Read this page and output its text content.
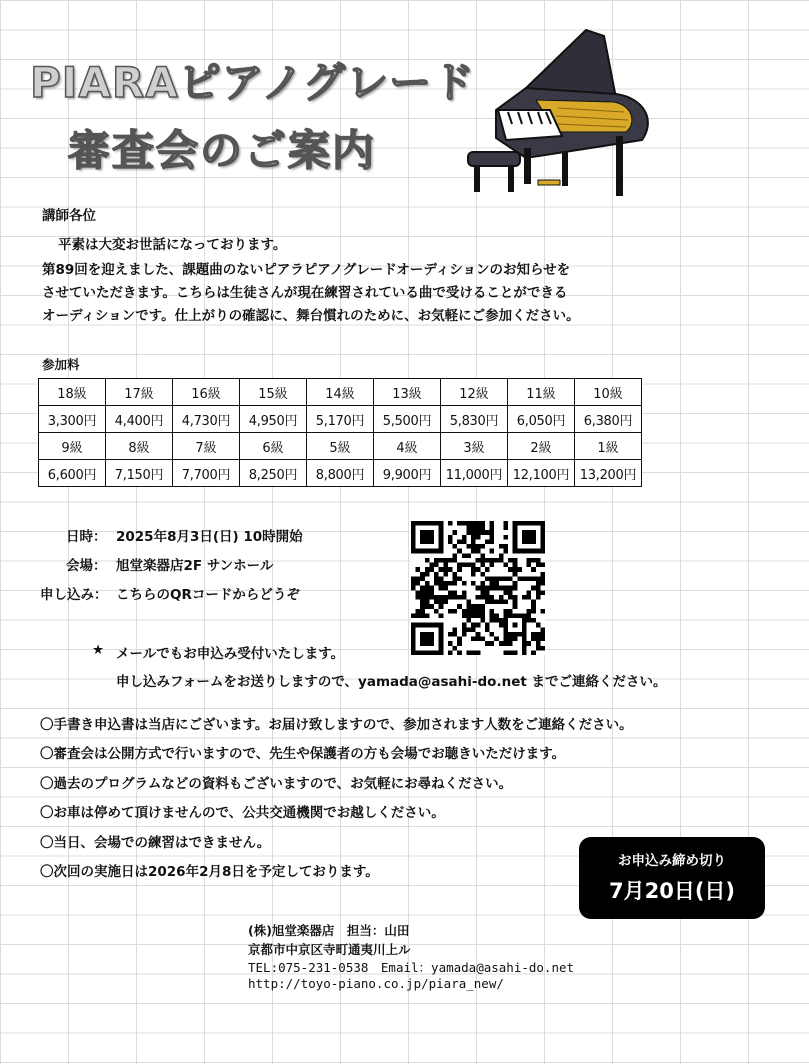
PIARAピアノグレード
審査会のご案内
講師各位
平素は大変お世話になっております。
第89回を迎えました、課題曲のないピアラピアノグレードオーディションのお知らせを
させていただきます。こちらは生徒さんが現在練習されている曲で受けることができる
オーディションです。仕上がりの確認に、舞台慣れのために、お気軽にご参加ください。
参加料
18級	17級	16級	15級	14級	13級	12級	11級	10級
3,300円	4,400円	4,730円	4,950円	5,170円	5,500円	5,830円	6,050円	6,380円
9級	8級	7級	6級	5級	4級	3級	2級	1級
6,600円	7,150円	7,700円	8,250円	8,800円	9,900円	11,000円	12,100円	13,200円
日時： 2025年8月3日(日) 10時開始
会場： 旭堂楽器店2F サンホール
申し込み： こちらのQRコードからどうぞ
★ メールでもお申込み受付いたします。
申し込みフォームをお送りしますので、yamada@asahi-do.net までご連絡ください。
〇手書き申込書は当店にございます。お届け致しますので、参加されます人数をご連絡ください。
〇審査会は公開方式で行いますので、先生や保護者の方も会場でお聴きいただけます。
〇過去のプログラムなどの資料もございますので、お気軽にお尋ねください。
〇お車は停めて頂けませんので、公共交通機関でお越しください。
〇当日、会場での練習はできません。
〇次回の実施日は2026年2月8日を予定しております。
お申込み締め切り
7月20日(日)
(株)旭堂楽器店　担当：山田
京都市中京区寺町通夷川上ル
TEL:075-231-0538　Email：yamada@asahi-do.net
http://toyo-piano.co.jp/piara_new/
